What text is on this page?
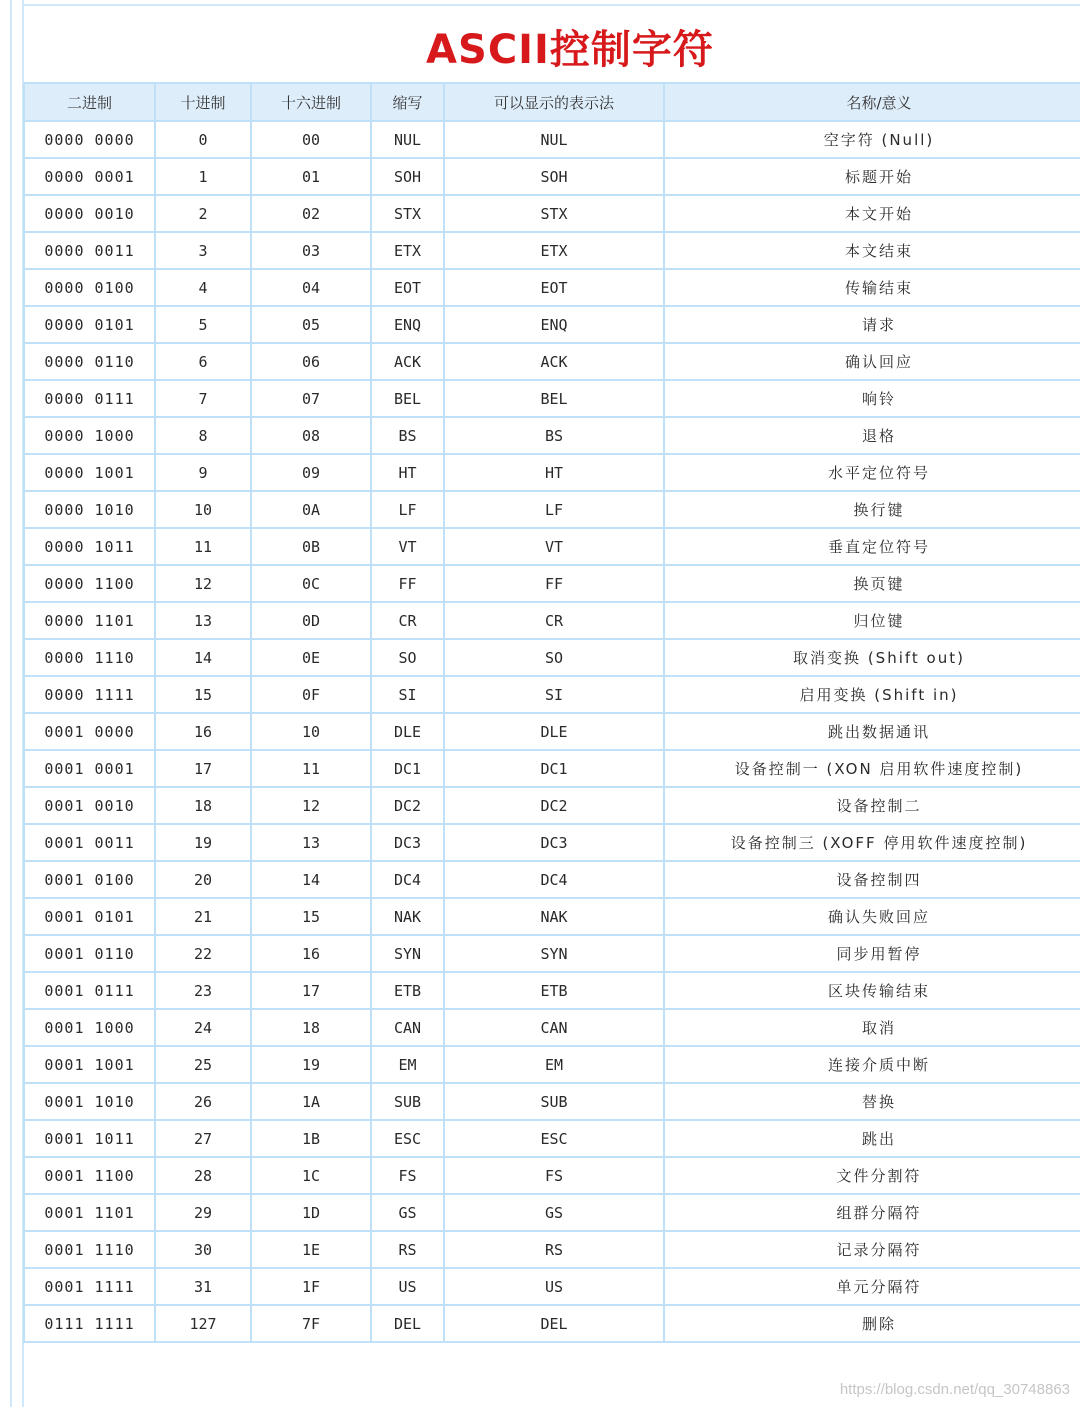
ASCII控制字符
二进制	十进制	十六进制	缩写	可以显示的表示法	名称/意义
0000 0000	0	00	NUL	NUL	空字符 (Null)
0000 0001	1	01	SOH	SOH	标题开始
0000 0010	2	02	STX	STX	本文开始
0000 0011	3	03	ETX	ETX	本文结束
0000 0100	4	04	EOT	EOT	传输结束
0000 0101	5	05	ENQ	ENQ	请求
0000 0110	6	06	ACK	ACK	确认回应
0000 0111	7	07	BEL	BEL	响铃
0000 1000	8	08	BS	BS	退格
0000 1001	9	09	HT	HT	水平定位符号
0000 1010	10	0A	LF	LF	换行键
0000 1011	11	0B	VT	VT	垂直定位符号
0000 1100	12	0C	FF	FF	换页键
0000 1101	13	0D	CR	CR	归位键
0000 1110	14	0E	SO	SO	取消变换 (Shift out)
0000 1111	15	0F	SI	SI	启用变换 (Shift in)
0001 0000	16	10	DLE	DLE	跳出数据通讯
0001 0001	17	11	DC1	DC1	设备控制一 (XON 启用软件速度控制)
0001 0010	18	12	DC2	DC2	设备控制二
0001 0011	19	13	DC3	DC3	设备控制三 (XOFF 停用软件速度控制)
0001 0100	20	14	DC4	DC4	设备控制四
0001 0101	21	15	NAK	NAK	确认失败回应
0001 0110	22	16	SYN	SYN	同步用暂停
0001 0111	23	17	ETB	ETB	区块传输结束
0001 1000	24	18	CAN	CAN	取消
0001 1001	25	19	EM	EM	连接介质中断
0001 1010	26	1A	SUB	SUB	替换
0001 1011	27	1B	ESC	ESC	跳出
0001 1100	28	1C	FS	FS	文件分割符
0001 1101	29	1D	GS	GS	组群分隔符
0001 1110	30	1E	RS	RS	记录分隔符
0001 1111	31	1F	US	US	单元分隔符
0111 1111	127	7F	DEL	DEL	删除
https://blog.csdn.net/qq_30748863
